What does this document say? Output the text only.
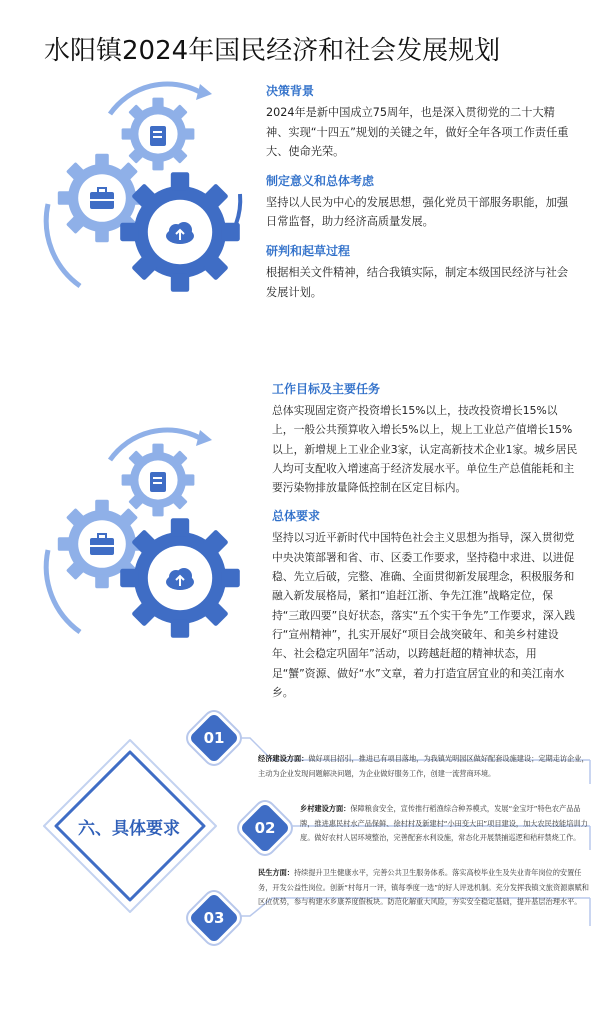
水阳镇2024年国民经济和社会发展规划
决策背景
2024年是新中国成立75周年，也是深入贯彻党的二十大精神、实现“十四五”规划的关键之年，做好全年各项工作责任重大、使命光荣。
制定意义和总体考虑
坚持以人民为中心的发展思想，强化党员干部服务职能，加强日常监督，助力经济高质量发展。
研判和起草过程
根据相关文件精神，结合我镇实际，制定本级国民经济与社会发展计划。
工作目标及主要任务
总体实现固定资产投资增长15%以上，技改投资增长15%以上，一般公共预算收入增长5%以上，规上工业总产值增长15%以上，新增规上工业企业3家，认定高新技术企业1家。城乡居民人均可支配收入增速高于经济发展水平。单位生产总值能耗和主要污染物排放量降低控制在区定目标内。
总体要求
坚持以习近平新时代中国特色社会主义思想为指导，深入贯彻党中央决策部署和省、市、区委工作要求，坚持稳中求进、以进促稳、先立后破，完整、准确、全面贯彻新发展理念，积极服务和融入新发展格局，紧扣“追赶江浙、争先江淮”战略定位，保持“三敢四要”良好状态，落实“五个实干争先”工作要求，深入践行“宣州精神”，扎实开展好“项目会战突破年、和美乡村建设年、社会稳定巩固年”活动，以跨越赶超的精神状态，用足“蟹”资源、做好“水”文章，着力打造宜居宜业的和美江南水乡。
六、具体要求
01
02
03
经济建设方面：做好项目招引，推进已有项目落地，为我镇光明园区做好配套设施建设；定期走访企业，主动为企业发现问题解决问题，为企业做好服务工作，创建一流营商环境。
乡村建设方面：保障粮食安全，宣传推行稻渔综合种养模式，发展“金宝圩”特色农产品品牌，推进惠民村水产品保鲜、徐村村及新建村“小田变大田”项目建设，加大农民技能培训力度。做好农村人居环境整治，完善配套水利设施，常态化开展禁捕巡逻和秸秆禁烧工作。
民生方面：持续提升卫生健康水平，完善公共卫生服务体系。落实高校毕业生及失业青年岗位的安置任务，开发公益性岗位。创新“村每月一评，镇每季度一选”的好人评选机制。充分发挥我镇文旅资源禀赋和区位优势，参与构建水乡康养度假板块。防范化解重大风险，夯实安全稳定基础，提升基层治理水平。
